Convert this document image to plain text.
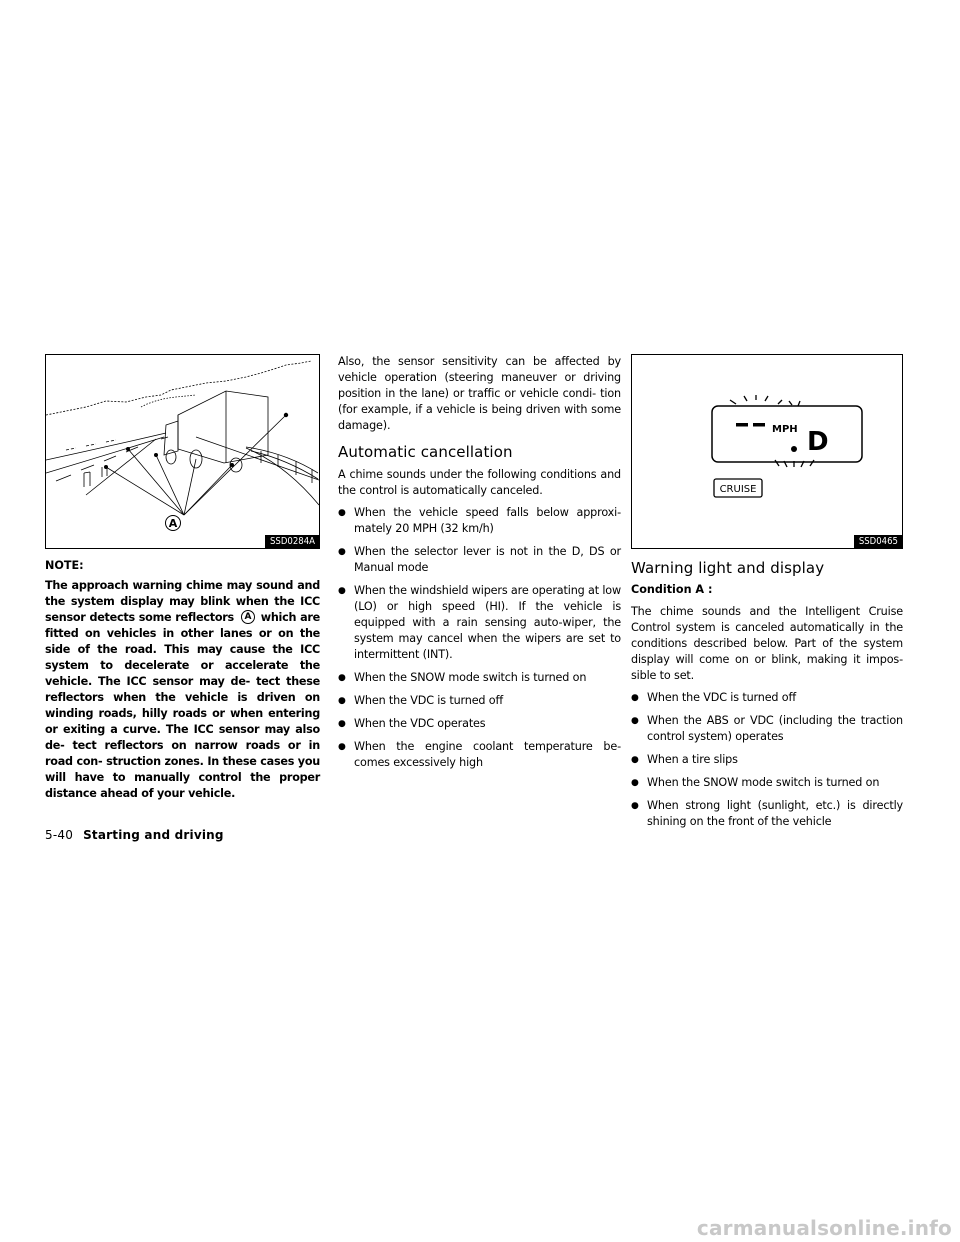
A
SSD0284A
NOTE:

The approach warning chime may sound and the system display may blink when the ICC sensor detects some reflectors A which are fitted on vehicles in other lanes or on the side of the road. This may cause the ICC system to decelerate or accelerate the vehicle. The ICC sensor may de- tect these reflectors when the vehicle is driven on winding roads, hilly roads or when entering or exiting a curve. The ICC sensor may also de- tect reflectors on narrow roads or in road con- struction zones. In these cases you will have to manually control the proper distance ahead of your vehicle.

Also, the sensor sensitivity can be affected by vehicle operation (steering maneuver or driving position in the lane) or traffic or vehicle condi- tion (for example, if a vehicle is being driven with some damage).

Automatic cancellation

A chime sounds under the following conditions and the control is automatically canceled.

● When the vehicle speed falls below approxi- mately 20 MPH (32 km/h)
● When the selector lever is not in the D, DS or Manual mode
● When the windshield wipers are operating at low (LO) or high speed (HI). If the vehicle is equipped with a rain sensing auto-wiper, the system may cancel when the wipers are set to intermittent (INT).
● When the SNOW mode switch is turned on
● When the VDC is turned off
● When the VDC operates
● When the engine coolant temperature be- comes excessively high
MPH D
CRUISE
SSD0465
Warning light and display
Condition A :

The chime sounds and the Intelligent Cruise Control system is canceled automatically in the conditions described below. Part of the system display will come on or blink, making it impos- sible to set.

● When the VDC is turned off
● When the ABS or VDC (including the traction control system) operates
● When a tire slips
● When the SNOW mode switch is turned on
● When strong light (sunlight, etc.) is directly shining on the front of the vehicle
5-40 Starting and driving
carmanualsonline.info
